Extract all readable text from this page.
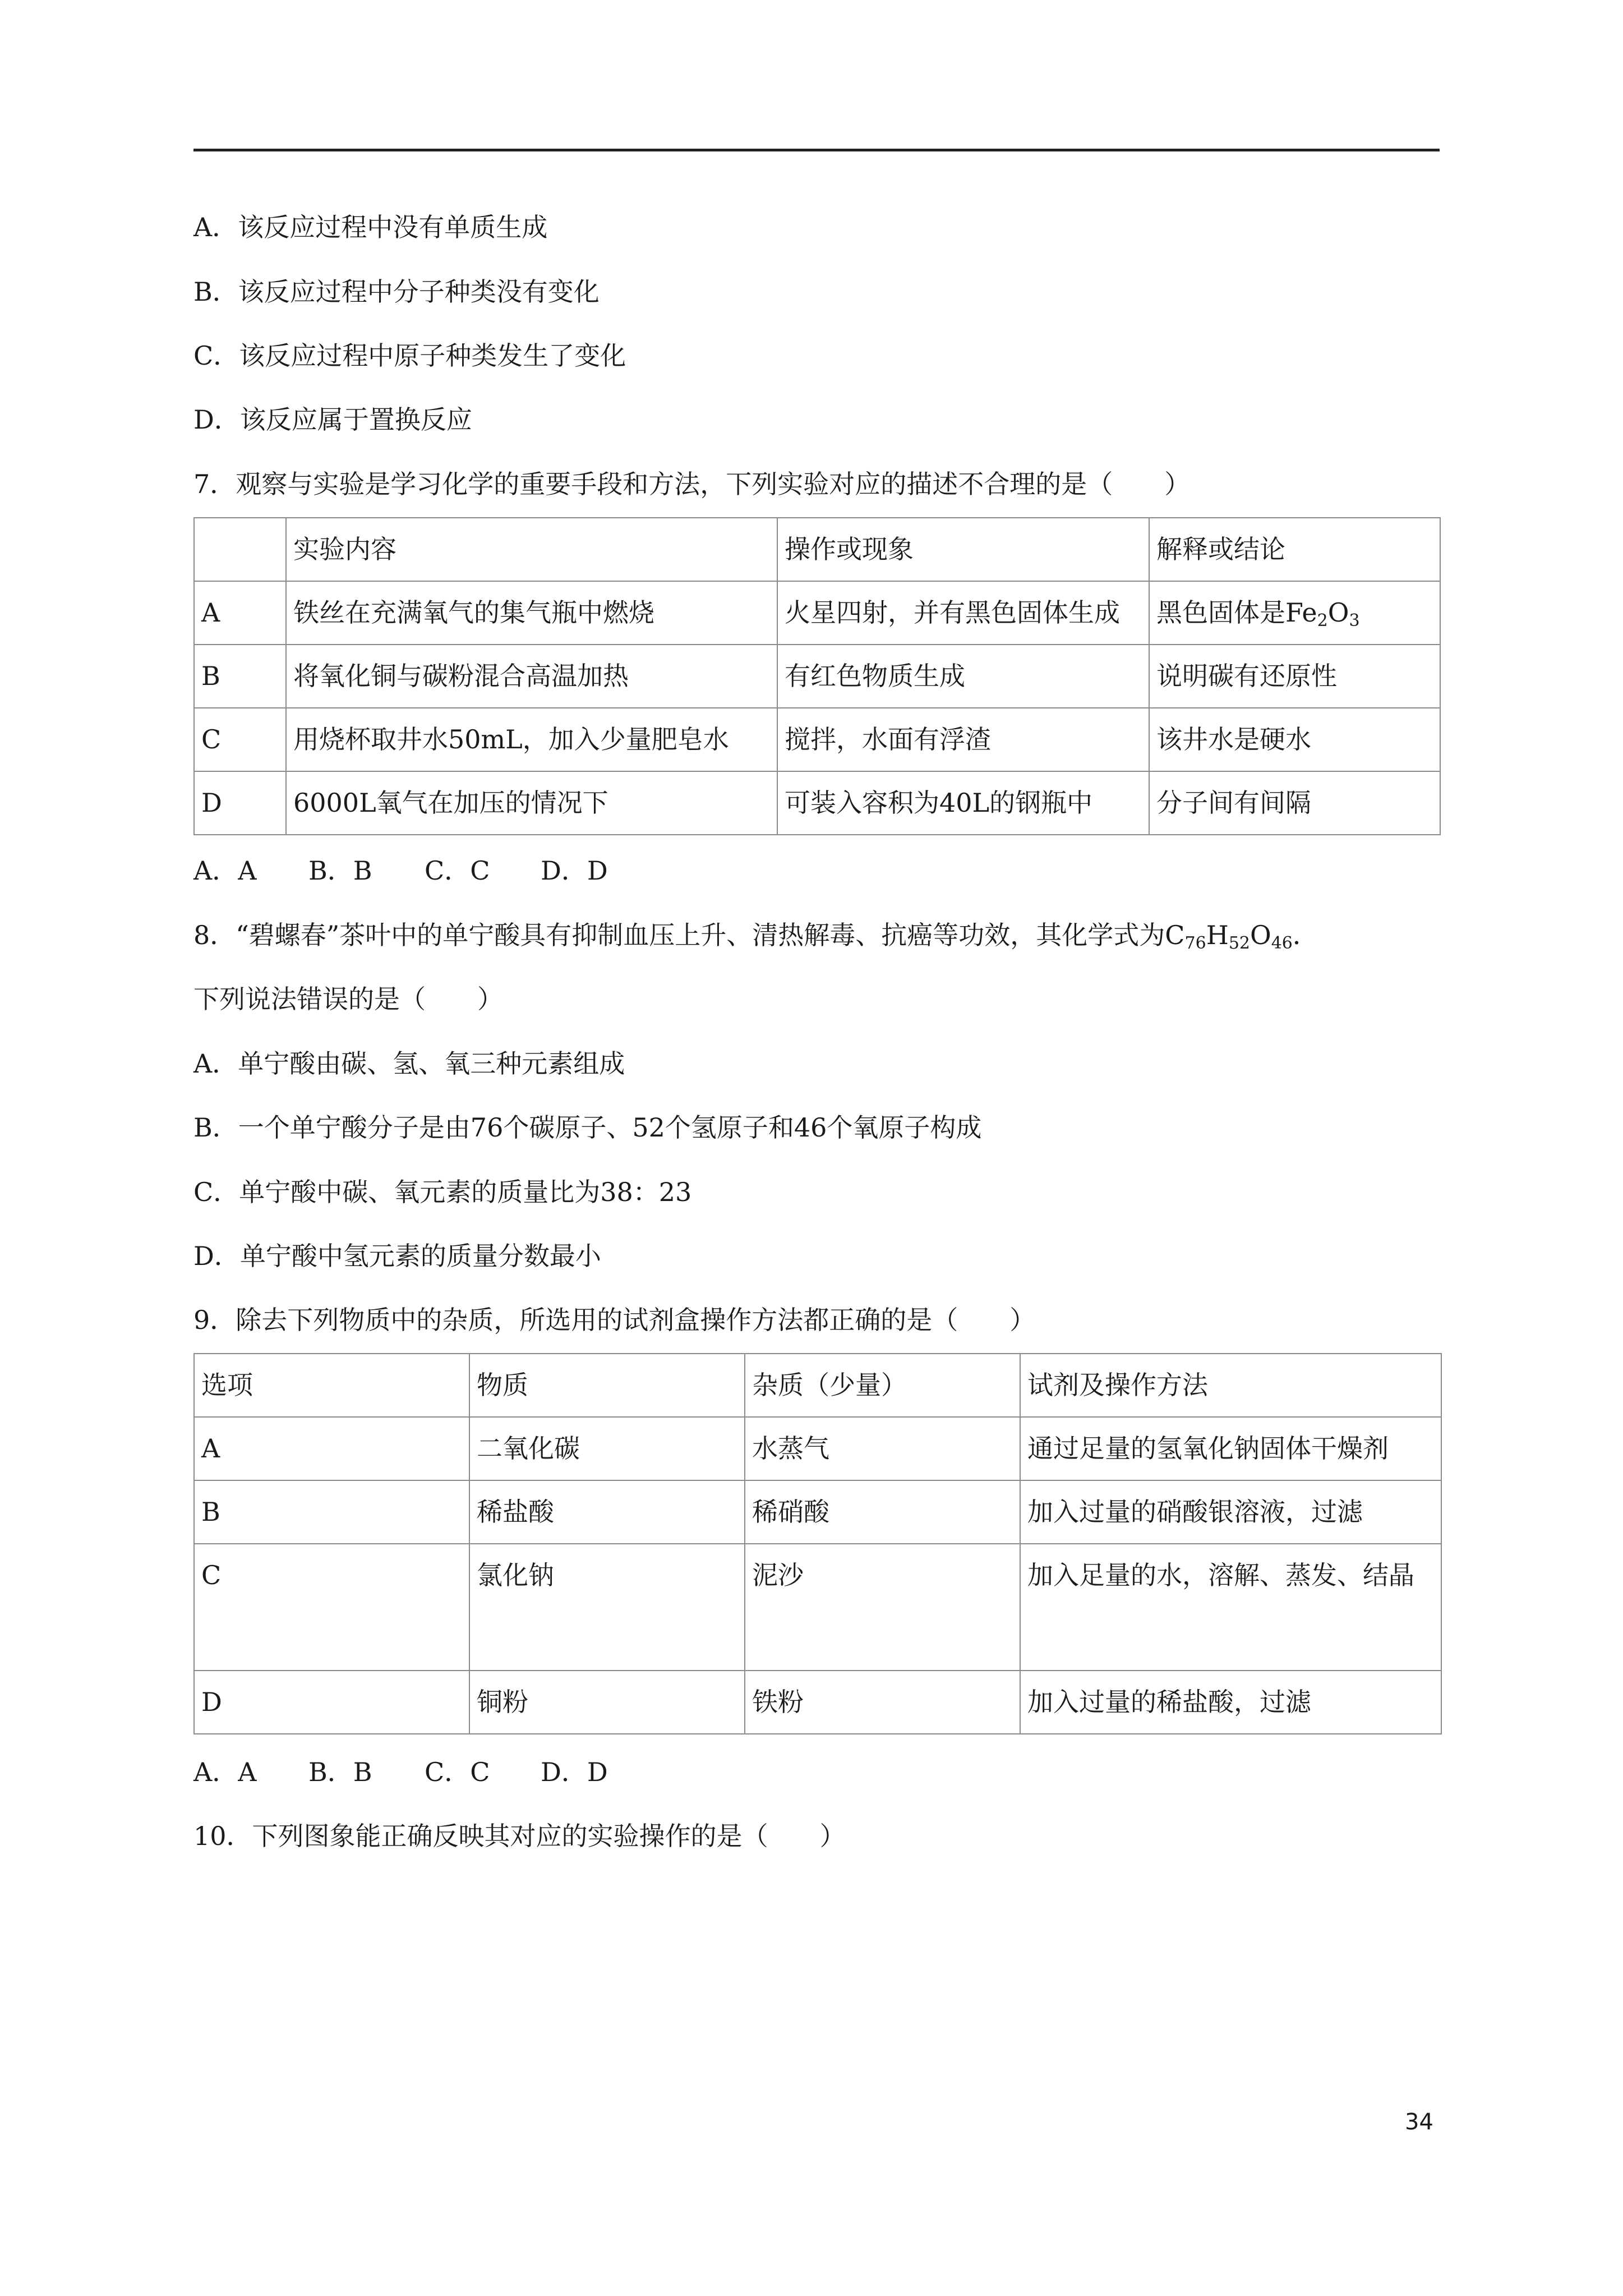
A．该反应过程中没有单质生成
B．该反应过程中分子种类没有变化
C．该反应过程中原子种类发生了变化
D．该反应属于置换反应
7．观察与实验是学习化学的重要手段和方法，下列实验对应的描述不合理的是（　　）
	实验内容	操作或现象	解释或结论
A	铁丝在充满氧气的集气瓶中燃烧	火星四射，并有黑色固体生成	黑色固体是$Fe_2O_3$
B	将氧化铜与碳粉混合高温加热	有红色物质生成	说明碳有还原性
C	用烧杯取井水50mL，加入少量肥皂水	搅拌，水面有浮渣	该井水是硬水
D	6000L氧气在加压的情况下	可装入容积为40L的钢瓶中	分子间有间隔
A．A B．B C．C D．D
8．“碧螺春”茶叶中的单宁酸具有抑制血压上升、清热解毒、抗癌等功效，其化学式为$C_{76}H_{52}O_{46}$．
下列说法错误的是（　　）
A．单宁酸由碳、氢、氧三种元素组成
B．一个单宁酸分子是由76个碳原子、52个氢原子和46个氧原子构成
C．单宁酸中碳、氧元素的质量比为38：23
D．单宁酸中氢元素的质量分数最小
9．除去下列物质中的杂质，所选用的试剂盒操作方法都正确的是（　　）
选项	物质	杂质（少量）	试剂及操作方法
A	二氧化碳	水蒸气	通过足量的氢氧化钠固体干燥剂
B	稀盐酸	稀硝酸	加入过量的硝酸银溶液，过滤
C	氯化钠	泥沙	加入足量的水，溶解、蒸发、结晶
D	铜粉	铁粉	加入过量的稀盐酸，过滤
A．A B．B C．C D．D
10．下列图象能正确反映其对应的实验操作的是（　　）
34
